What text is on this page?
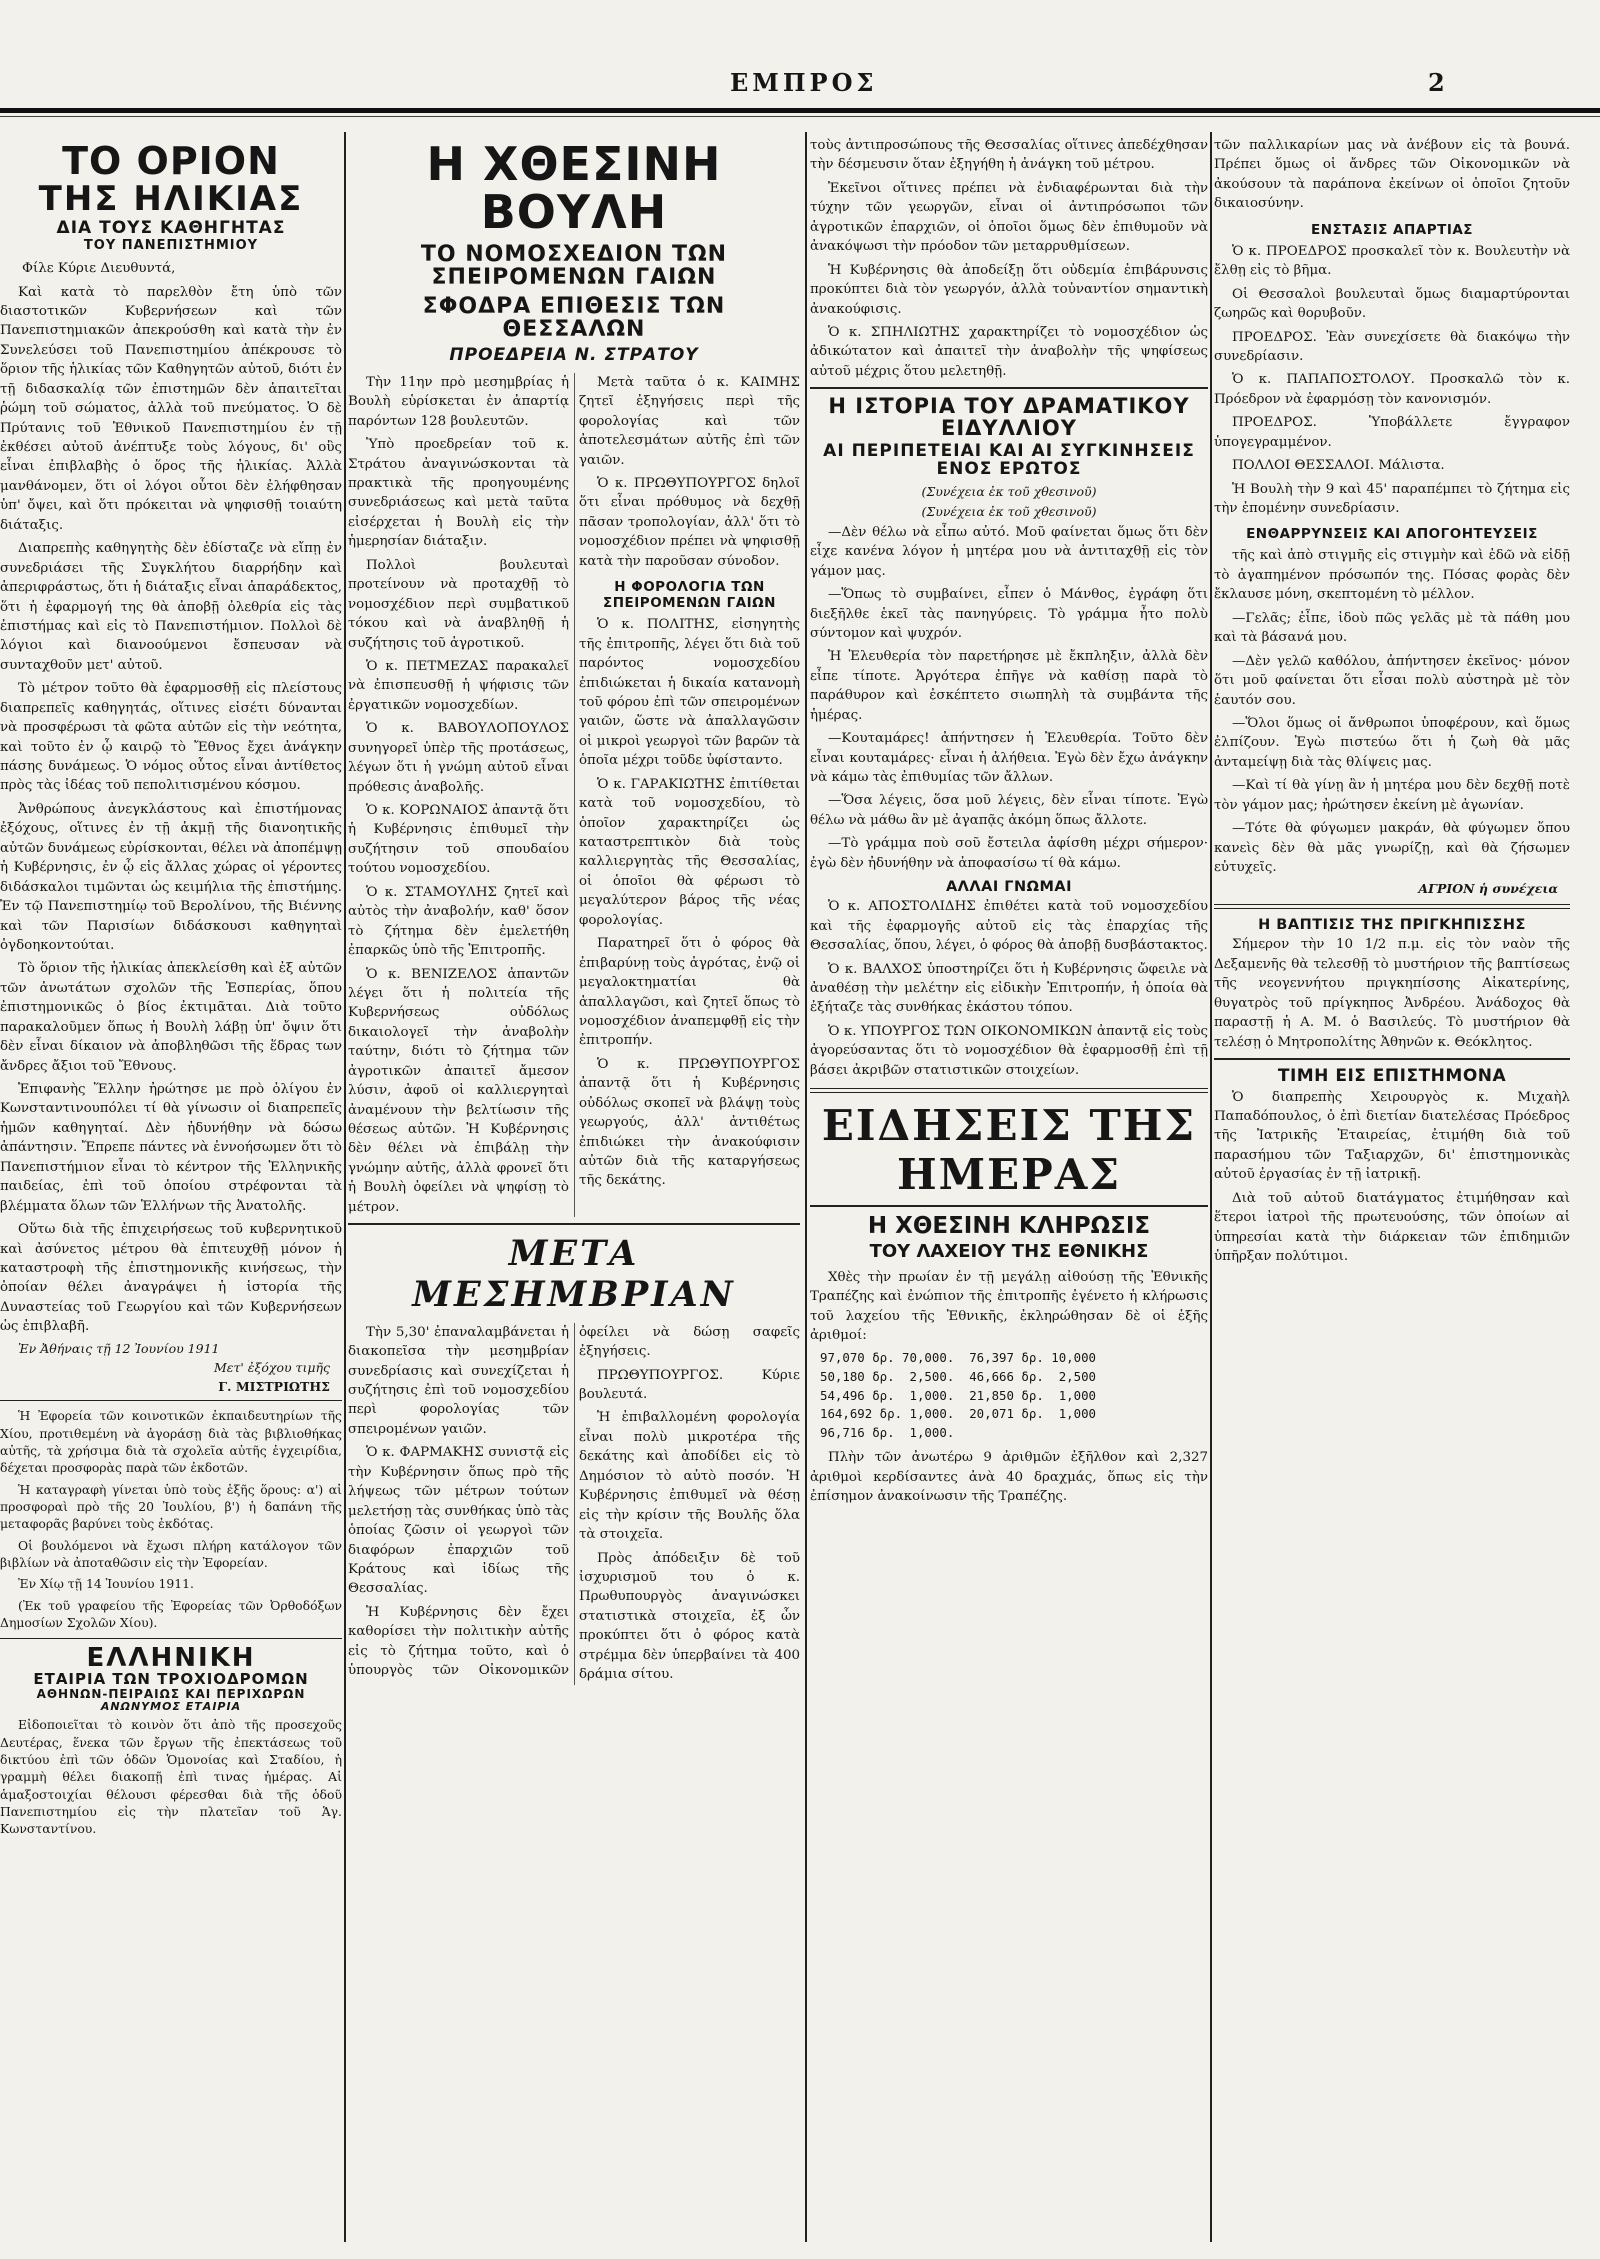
ΕΜΠΡΟΣ	2
ΤΟ ΟΡΙΟΝ
ΤΗΣ ΗΛΙΚΙΑΣ
ΔΙΑ ΤΟΥΣ ΚΑΘΗΓΗΤΑΣ
ΤΟΥ ΠΑΝΕΠΙΣΤΗΜΙΟΥ

Φίλε Κύριε Διευθυντά,

Καὶ κατὰ τὸ παρελθὸν ἔτη ὑπὸ τῶν διαστοτικῶν Κυβερνήσεων καὶ τῶν Πανεπιστημιακῶν ἀπεκρούσθη καὶ κατὰ τὴν ἐν Συνελεύσει τοῦ Πανεπιστημίου ἀπέκρουσε τὸ ὅριον τῆς ἡλικίας τῶν Καθηγητῶν αὐτοῦ, διότι ἐν τῇ διδασκαλίᾳ τῶν ἐπιστημῶν δὲν ἀπαιτεῖται ῥώμη τοῦ σώματος, ἀλλὰ τοῦ πνεύματος. Ὁ δὲ Πρύτανις τοῦ Ἐθνικοῦ Πανεπιστημίου ἐν τῇ ἐκθέσει αὐτοῦ ἀνέπτυξε τοὺς λόγους, δι' οὓς εἶναι ἐπιβλαβὴς ὁ ὅρος τῆς ἡλικίας. Ἀλλὰ μανθάνομεν, ὅτι οἱ λόγοι οὗτοι δὲν ἐλήφθησαν ὑπ' ὄψει, καὶ ὅτι πρόκειται νὰ ψηφισθῇ τοιαύτη διάταξις.

Διαπρεπὴς καθηγητὴς δὲν ἐδίσταζε νὰ εἴπῃ ἐν συνεδριάσει τῆς Συγκλήτου διαρρήδην καὶ ἀπεριφράστως, ὅτι ἡ διάταξις εἶναι ἀπαράδεκτος, ὅτι ἡ ἐφαρμογή της θὰ ἀποβῇ ὀλεθρία εἰς τὰς ἐπιστήμας καὶ εἰς τὸ Πανεπιστήμιον. Πολλοὶ δὲ λόγιοι καὶ διανοούμενοι ἔσπευσαν νὰ συνταχθοῦν μετ' αὐτοῦ.

Τὸ μέτρον τοῦτο θὰ ἐφαρμοσθῇ εἰς πλείστους διαπρεπεῖς καθηγητάς, οἵτινες εἰσέτι δύνανται νὰ προσφέρωσι τὰ φῶτα αὐτῶν εἰς τὴν νεότητα, καὶ τοῦτο ἐν ᾧ καιρῷ τὸ Ἔθνος ἔχει ἀνάγκην πάσης δυνάμεως. Ὁ νόμος οὗτος εἶναι ἀντίθετος πρὸς τὰς ἰδέας τοῦ πεπολιτισμένου κόσμου.

Ἀνθρώπους ἀνεγκλάστους καὶ ἐπιστήμονας ἐξόχους, οἵτινες ἐν τῇ ἀκμῇ τῆς διανοητικῆς αὐτῶν δυνάμεως εὑρίσκονται, θέλει νὰ ἀποπέμψῃ ἡ Κυβέρνησις, ἐν ᾧ εἰς ἄλλας χώρας οἱ γέροντες διδάσκαλοι τιμῶνται ὡς κειμήλια τῆς ἐπιστήμης. Ἐν τῷ Πανεπιστημίῳ τοῦ Βερολίνου, τῆς Βιέννης καὶ τῶν Παρισίων διδάσκουσι καθηγηταὶ ὀγδοηκοντούται.

Τὸ ὅριον τῆς ἡλικίας ἀπεκλείσθη καὶ ἐξ αὐτῶν τῶν ἀνωτάτων σχολῶν τῆς Ἑσπερίας, ὅπου ἐπιστημονικῶς ὁ βίος ἐκτιμᾶται. Διὰ τοῦτο παρακαλοῦμεν ὅπως ἡ Βουλὴ λάβῃ ὑπ' ὄψιν ὅτι δὲν εἶναι δίκαιον νὰ ἀποβληθῶσι τῆς ἕδρας των ἄνδρες ἄξιοι τοῦ Ἔθνους.

Ἐπιφανὴς Ἕλλην ἠρώτησε με πρὸ ὀλίγου ἐν Κωνσταντινουπόλει τί θὰ γίνωσιν οἱ διαπρεπεῖς ἡμῶν καθηγηταί. Δὲν ἠδυνήθην νὰ δώσω ἀπάντησιν. Ἔπρεπε πάντες νὰ ἐννοήσωμεν ὅτι τὸ Πανεπιστήμιον εἶναι τὸ κέντρον τῆς Ἑλληνικῆς παιδείας, ἐπὶ τοῦ ὁποίου στρέφονται τὰ βλέμματα ὅλων τῶν Ἑλλήνων τῆς Ἀνατολῆς.

Οὕτω διὰ τῆς ἐπιχειρήσεως τοῦ κυβερνητικοῦ καὶ ἀσύνετος μέτρου θὰ ἐπιτευχθῇ μόνον ἡ καταστροφὴ τῆς ἐπιστημονικῆς κινήσεως, τὴν ὁποίαν θέλει ἀναγράψει ἡ ἱστορία τῆς Δυναστείας τοῦ Γεωργίου καὶ τῶν Κυβερνήσεων ὡς ἐπιβλαβῆ.

Ἐν Ἀθήναις τῇ 12 Ἰουνίου 1911
Μετ' ἐξόχου τιμῆς
Γ. ΜΙΣΤΡΙΩΤΗΣ

Ἡ Ἐφορεία τῶν κοινοτικῶν ἐκπαιδευτηρίων τῆς Χίου, προτιθεμένη νὰ ἀγοράσῃ διὰ τὰς βιβλιοθήκας αὐτῆς, τὰ χρήσιμα διὰ τὰ σχολεῖα αὐτῆς ἐγχειρίδια, δέχεται προσφορὰς παρὰ τῶν ἐκδοτῶν.

Ἡ καταγραφὴ γίνεται ὑπὸ τοὺς ἑξῆς ὅρους: α') αἱ προσφοραὶ πρὸ τῆς 20 Ἰουλίου, β') ἡ δαπάνη τῆς μεταφορᾶς βαρύνει τοὺς ἐκδότας.

Οἱ βουλόμενοι νὰ ἔχωσι πλήρη κατάλογον τῶν βιβλίων νὰ ἀποταθῶσιν εἰς τὴν Ἐφορείαν.

Ἐν Χίῳ τῇ 14 Ἰουνίου 1911.

(Ἐκ τοῦ γραφείου τῆς Ἐφορείας τῶν Ὀρθοδόξων Δημοσίων Σχολῶν Χίου).

ΕΛΛΗΝΙΚΗ
ΕΤΑΙΡΙΑ ΤΩΝ ΤΡΟΧΙΟΔΡΟΜΩΝ
ΑΘΗΝΩΝ-ΠΕΙΡΑΙΩΣ ΚΑΙ ΠΕΡΙΧΩΡΩΝ
ΑΝΩΝΥΜΟΣ ΕΤΑΙΡΙΑ

Εἰδοποιεῖται τὸ κοινὸν ὅτι ἀπὸ τῆς προσεχοῦς Δευτέρας, ἕνεκα τῶν ἔργων τῆς ἐπεκτάσεως τοῦ δικτύου ἐπὶ τῶν ὁδῶν Ὁμονοίας καὶ Σταδίου, ἡ γραμμὴ θέλει διακοπῇ ἐπὶ τινας ἡμέρας. Αἱ ἁμαξοστοιχίαι θέλουσι φέρεσθαι διὰ τῆς ὁδοῦ Πανεπιστημίου εἰς τὴν πλατεῖαν τοῦ Ἁγ. Κωνσταντίνου.

Η ΧΘΕΣΙΝΗ ΒΟΥΛΗ
ΤΟ ΝΟΜΟΣΧΕΔΙΟΝ ΤΩΝ ΣΠΕΙΡΟΜΕΝΩΝ ΓΑΙΩΝ
ΣΦΟΔΡΑ ΕΠΙΘΕΣΙΣ ΤΩΝ ΘΕΣΣΑΛΩΝ
ΠΡΟΕΔΡΕΙΑ Ν. ΣΤΡΑΤΟΥ

Τὴν 11ην πρὸ μεσημβρίας ἡ Βουλὴ εὑρίσκεται ἐν ἀπαρτίᾳ παρόντων 128 βουλευτῶν.

Ὑπὸ προεδρείαν τοῦ κ. Στράτου ἀναγινώσκονται τὰ πρακτικὰ τῆς προηγουμένης συνεδριάσεως καὶ μετὰ ταῦτα εἰσέρχεται ἡ Βουλὴ εἰς τὴν ἡμερησίαν διάταξιν.

Πολλοὶ βουλευταὶ προτείνουν νὰ προταχθῇ τὸ νομοσχέδιον περὶ συμβατικοῦ τόκου καὶ νὰ ἀναβληθῇ ἡ συζήτησις τοῦ ἀγροτικοῦ.

Ὁ κ. ΠΕΤΜΕΖΑΣ παρακαλεῖ νὰ ἐπισπευσθῇ ἡ ψήφισις τῶν ἐργατικῶν νομοσχεδίων.

Ὁ κ. ΒΑΒΟΥΛΟΠΟΥΛΟΣ συνηγορεῖ ὑπὲρ τῆς προτάσεως, λέγων ὅτι ἡ γνώμη αὐτοῦ εἶναι πρόθεσις ἀναβολῆς.

Ὁ κ. ΚΟΡΩΝΑΙΟΣ ἀπαντᾷ ὅτι ἡ Κυβέρνησις ἐπιθυμεῖ τὴν συζήτησιν τοῦ σπουδαίου τούτου νομοσχεδίου.

Ὁ κ. ΣΤΑΜΟΥΛΗΣ ζητεῖ καὶ αὐτὸς τὴν ἀναβολήν, καθ' ὅσον τὸ ζήτημα δὲν ἐμελετήθη ἐπαρκῶς ὑπὸ τῆς Ἐπιτροπῆς.

Ὁ κ. ΒΕΝΙΖΕΛΟΣ ἀπαντῶν λέγει ὅτι ἡ πολιτεία τῆς Κυβερνήσεως οὐδόλως δικαιολογεῖ τὴν ἀναβολὴν ταύτην, διότι τὸ ζήτημα τῶν ἀγροτικῶν ἀπαιτεῖ ἄμεσον λύσιν, ἀφοῦ οἱ καλλιεργηταὶ ἀναμένουν τὴν βελτίωσιν τῆς θέσεως αὐτῶν. Ἡ Κυβέρνησις δὲν θέλει νὰ ἐπιβάλῃ τὴν γνώμην αὐτῆς, ἀλλὰ φρονεῖ ὅτι ἡ Βουλὴ ὀφείλει νὰ ψηφίσῃ τὸ μέτρον.

Μετὰ ταῦτα ὁ κ. ΚΑΙΜΗΣ ζητεῖ ἐξηγήσεις περὶ τῆς φορολογίας καὶ τῶν ἀποτελεσμάτων αὐτῆς ἐπὶ τῶν γαιῶν.

Ὁ κ. ΠΡΩΘΥΠΟΥΡΓΟΣ δηλοῖ ὅτι εἶναι πρόθυμος νὰ δεχθῇ πᾶσαν τροπολογίαν, ἀλλ' ὅτι τὸ νομοσχέδιον πρέπει νὰ ψηφισθῇ κατὰ τὴν παροῦσαν σύνοδον.

Η ΦΟΡΟΛΟΓΙΑ ΤΩΝ ΣΠΕΙΡΟΜΕΝΩΝ ΓΑΙΩΝ

Ὁ κ. ΠΟΛΙΤΗΣ, εἰσηγητὴς τῆς ἐπιτροπῆς, λέγει ὅτι διὰ τοῦ παρόντος νομοσχεδίου ἐπιδιώκεται ἡ δικαία κατανομὴ τοῦ φόρου ἐπὶ τῶν σπειρομένων γαιῶν, ὥστε νὰ ἀπαλλαγῶσιν οἱ μικροὶ γεωργοὶ τῶν βαρῶν τὰ ὁποῖα μέχρι τοῦδε ὑφίσταντο.

Ὁ κ. ΓΑΡΑΚΙΩΤΗΣ ἐπιτίθεται κατὰ τοῦ νομοσχεδίου, τὸ ὁποῖον χαρακτηρίζει ὡς καταστρεπτικὸν διὰ τοὺς καλλιεργητὰς τῆς Θεσσαλίας, οἱ ὁποῖοι θὰ φέρωσι τὸ μεγαλύτερον βάρος τῆς νέας φορολογίας.

Παρατηρεῖ ὅτι ὁ φόρος θὰ ἐπιβαρύνῃ τοὺς ἀγρότας, ἐνῷ οἱ μεγαλοκτηματίαι θὰ ἀπαλλαγῶσι, καὶ ζητεῖ ὅπως τὸ νομοσχέδιον ἀναπεμφθῇ εἰς τὴν ἐπιτροπήν.

Ὁ κ. ΠΡΩΘΥΠΟΥΡΓΟΣ ἀπαντᾷ ὅτι ἡ Κυβέρνησις οὐδόλως σκοπεῖ νὰ βλάψῃ τοὺς γεωργούς, ἀλλ' ἀντιθέτως ἐπιδιώκει τὴν ἀνακούφισιν αὐτῶν διὰ τῆς καταργήσεως τῆς δεκάτης.

ΜΕΤΑ ΜΕΣΗΜΒΡΙΑΝ

Τὴν 5,30' ἐπαναλαμβάνεται ἡ διακοπεῖσα τὴν μεσημβρίαν συνεδρίασις καὶ συνεχίζεται ἡ συζήτησις ἐπὶ τοῦ νομοσχεδίου περὶ φορολογίας τῶν σπειρομένων γαιῶν.

Ὁ κ. ΦΑΡΜΑΚΗΣ συνιστᾷ εἰς τὴν Κυβέρνησιν ὅπως πρὸ τῆς λήψεως τῶν μέτρων τούτων μελετήσῃ τὰς συνθήκας ὑπὸ τὰς ὁποίας ζῶσιν οἱ γεωργοὶ τῶν διαφόρων ἐπαρχιῶν τοῦ Κράτους καὶ ἰδίως τῆς Θεσσαλίας.

Ἡ Κυβέρνησις δὲν ἔχει καθορίσει τὴν πολιτικὴν αὐτῆς εἰς τὸ ζήτημα τοῦτο, καὶ ὁ ὑπουργὸς τῶν Οἰκονομικῶν ὀφείλει νὰ δώσῃ σαφεῖς ἐξηγήσεις.

ΠΡΩΘΥΠΟΥΡΓΟΣ. Κύριε βουλευτά.

Ἡ ἐπιβαλλομένη φορολογία εἶναι πολὺ μικροτέρα τῆς δεκάτης καὶ ἀποδίδει εἰς τὸ Δημόσιον τὸ αὐτὸ ποσόν. Ἡ Κυβέρνησις ἐπιθυμεῖ νὰ θέσῃ εἰς τὴν κρίσιν τῆς Βουλῆς ὅλα τὰ στοιχεῖα.

Πρὸς ἀπόδειξιν δὲ τοῦ ἰσχυρισμοῦ του ὁ κ. Πρωθυπουργὸς ἀναγινώσκει στατιστικὰ στοιχεῖα, ἐξ ὧν προκύπτει ὅτι ὁ φόρος κατὰ στρέμμα δὲν ὑπερβαίνει τὰ 400 δράμια σίτου.

τοὺς ἀντιπροσώπους τῆς Θεσσαλίας οἵτινες ἀπεδέχθησαν τὴν δέσμευσιν ὅταν ἐξηγήθη ἡ ἀνάγκη τοῦ μέτρου.

Ἐκεῖνοι οἵτινες πρέπει νὰ ἐνδιαφέρωνται διὰ τὴν τύχην τῶν γεωργῶν, εἶναι οἱ ἀντιπρόσωποι τῶν ἀγροτικῶν ἐπαρχιῶν, οἱ ὁποῖοι ὅμως δὲν ἐπιθυμοῦν νὰ ἀνακόψωσι τὴν πρόοδον τῶν μεταρρυθμίσεων.

Ἡ Κυβέρνησις θὰ ἀποδείξῃ ὅτι οὐδεμία ἐπιβάρυνσις προκύπτει διὰ τὸν γεωργόν, ἀλλὰ τοὐναντίον σημαντικὴ ἀνακούφισις.

Ὁ κ. ΣΠΗΛΙΩΤΗΣ χαρακτηρίζει τὸ νομοσχέδιον ὡς ἀδικώτατον καὶ ἀπαιτεῖ τὴν ἀναβολὴν τῆς ψηφίσεως αὐτοῦ μέχρις ὅτου μελετηθῇ.

Η ΙΣΤΟΡΙΑ ΤΟΥ ΔΡΑΜΑΤΙΚΟΥ ΕΙΔΥΛΛΙΟΥ
ΑΙ ΠΕΡΙΠΕΤΕΙΑΙ ΚΑΙ ΑΙ ΣΥΓΚΙΝΗΣΕΙΣ ΕΝΟΣ ΕΡΩΤΟΣ

(Συνέχεια ἐκ τοῦ χθεσινοῦ)

(Συνέχεια ἐκ τοῦ χθεσινοῦ)

—Δὲν θέλω νὰ εἶπω αὐτό. Μοῦ φαίνεται ὅμως ὅτι δὲν εἶχε κανένα λόγον ἡ μητέρα μου νὰ ἀντιταχθῇ εἰς τὸν γάμον μας.

—Ὅπως τὸ συμβαίνει, εἶπεν ὁ Μάνθος, ἐγράφη ὅτι διεξῆλθε ἑκεῖ τὰς πανηγύρεις. Τὸ γράμμα ἦτο πολὺ σύντομον καὶ ψυχρόν.

Ἡ Ἐλευθερία τὸν παρετήρησε μὲ ἔκπληξιν, ἀλλὰ δὲν εἶπε τίποτε. Ἀργότερα ἐπῆγε νὰ καθίσῃ παρὰ τὸ παράθυρον καὶ ἐσκέπτετο σιωπηλὴ τὰ συμβάντα τῆς ἡμέρας.

—Κουταμάρες! ἀπήντησεν ἡ Ἐλευθερία. Τοῦτο δὲν εἶναι κουταμάρες· εἶναι ἡ ἀλήθεια. Ἐγὼ δὲν ἔχω ἀνάγκην νὰ κάμω τὰς ἐπιθυμίας τῶν ἄλλων.

—Ὅσα λέγεις, ὅσα μοῦ λέγεις, δὲν εἶναι τίποτε. Ἐγὼ θέλω νὰ μάθω ἂν μὲ ἀγαπᾷς ἀκόμη ὅπως ἄλλοτε.

—Τὸ γράμμα ποὺ σοῦ ἔστειλα ἀφίσθη μέχρι σήμερον· ἐγὼ δὲν ἠδυνήθην νὰ ἀποφασίσω τί θὰ κάμω.

ΑΛΛΑΙ ΓΝΩΜΑΙ

Ὁ κ. ΑΠΟΣΤΟΛΙΔΗΣ ἐπιθέτει κατὰ τοῦ νομοσχεδίου καὶ τῆς ἐφαρμογῆς αὐτοῦ εἰς τὰς ἐπαρχίας τῆς Θεσσαλίας, ὅπου, λέγει, ὁ φόρος θὰ ἀποβῇ δυσβάστακτος.

Ὁ κ. ΒΑΛΧΟΣ ὑποστηρίζει ὅτι ἡ Κυβέρνησις ὤφειλε νὰ ἀναθέσῃ τὴν μελέτην εἰς εἰδικὴν Ἐπιτροπήν, ἡ ὁποία θὰ ἐξήταζε τὰς συνθήκας ἑκάστου τόπου.

Ὁ κ. ΥΠΟΥΡΓΟΣ ΤΩΝ ΟΙΚΟΝΟΜΙΚΩΝ ἀπαντᾷ εἰς τοὺς ἀγορεύσαντας ὅτι τὸ νομοσχέδιον θὰ ἐφαρμοσθῇ ἐπὶ τῇ βάσει ἀκριβῶν στατιστικῶν στοιχείων.

ΕΙΔΗΣΕΙΣ ΤΗΣ ΗΜΕΡΑΣ
Η ΧΘΕΣΙΝΗ ΚΛΗΡΩΣΙΣ
ΤΟΥ ΛΑΧΕΙΟΥ ΤΗΣ ΕΘΝΙΚΗΣ

Χθὲς τὴν πρωίαν ἐν τῇ μεγάλῃ αἰθούσῃ τῆς Ἐθνικῆς Τραπέζης καὶ ἐνώπιον τῆς ἐπιτροπῆς ἐγένετο ἡ κλήρωσις τοῦ λαχείου τῆς Ἐθνικῆς, ἐκληρώθησαν δὲ οἱ ἑξῆς ἀριθμοί:

97,070 δρ. 70,000.  76,397 δρ. 10,000
50,180 δρ.  2,500.  46,666 δρ.  2,500
54,496 δρ.  1,000.  21,850 δρ.  1,000
164,692 δρ. 1,000.  20,071 δρ.  1,000
96,716 δρ.  1,000.

Πλὴν τῶν ἀνωτέρω 9 ἀριθμῶν ἐξῆλθον καὶ 2,327 ἀριθμοὶ κερδίσαντες ἀνὰ 40 δραχμάς, ὅπως εἰς τὴν ἐπίσημον ἀνακοίνωσιν τῆς Τραπέζης.

τῶν παλλικαρίων μας νὰ ἀνέβουν εἰς τὰ βουνά. Πρέπει ὅμως οἱ ἄνδρες τῶν Οἰκονομικῶν νὰ ἀκούσουν τὰ παράπονα ἐκείνων οἱ ὁποῖοι ζητοῦν δικαιοσύνην.

ΕΝΣΤΑΣΙΣ ΑΠΑΡΤΙΑΣ

Ὁ κ. ΠΡΟΕΔΡΟΣ προσκαλεῖ τὸν κ. Βουλευτὴν νὰ ἔλθῃ εἰς τὸ βῆμα.

Οἱ Θεσσαλοὶ βουλευταὶ ὅμως διαμαρτύρονται ζωηρῶς καὶ θορυβοῦν.

ΠΡΟΕΔΡΟΣ. Ἐὰν συνεχίσετε θὰ διακόψω τὴν συνεδρίασιν.

Ὁ κ. ΠΑΠΑΠΟΣΤΟΛΟΥ. Προσκαλῶ τὸν κ. Πρόεδρον νὰ ἐφαρμόσῃ τὸν κανονισμόν.

ΠΡΟΕΔΡΟΣ. Ὑποβάλλετε ἔγγραφον ὑπογεγραμμένον.

ΠΟΛΛΟΙ ΘΕΣΣΑΛΟΙ. Μάλιστα.

Ἡ Βουλὴ τὴν 9 καὶ 45' παραπέμπει τὸ ζήτημα εἰς τὴν ἐπομένην συνεδρίασιν.

ΕΝΘΑΡΡΥΝΣΕΙΣ ΚΑΙ ΑΠΟΓΟΗΤΕΥΣΕΙΣ

τῆς καὶ ἀπὸ στιγμῆς εἰς στιγμὴν καὶ ἐδῶ νὰ εἰδῇ τὸ ἀγαπημένον πρόσωπόν της. Πόσας φορὰς δὲν ἔκλαυσε μόνη, σκεπτομένη τὸ μέλλον.

—Γελᾶς; ἐἶπε, ἰδοὺ πῶς γελᾶς μὲ τὰ πάθη μου καὶ τὰ βάσανά μου.

—Δὲν γελῶ καθόλου, ἀπήντησεν ἐκεῖνος· μόνον ὅτι μοῦ φαίνεται ὅτι εἶσαι πολὺ αὐστηρὰ μὲ τὸν ἑαυτόν σου.

—Ὅλοι ὅμως οἱ ἄνθρωποι ὑποφέρουν, καὶ ὅμως ἐλπίζουν. Ἐγὼ πιστεύω ὅτι ἡ ζωὴ θὰ μᾶς ἀνταμείψῃ διὰ τὰς θλίψεις μας.

—Καὶ τί θὰ γίνῃ ἂν ἡ μητέρα μου δὲν δεχθῇ ποτὲ τὸν γάμον μας; ἠρώτησεν ἐκείνη μὲ ἀγωνίαν.

—Τότε θὰ φύγωμεν μακράν, θὰ φύγωμεν ὅπου κανεὶς δὲν θὰ μᾶς γνωρίζῃ, καὶ θὰ ζήσωμεν εὐτυχεῖς.

ΑΓΡΙΟΝ ἡ συνέχεια
Η ΒΑΠΤΙΣΙΣ ΤΗΣ ΠΡΙΓΚΗΠΙΣΣΗΣ

Σήμερον τὴν 10 1/2 π.μ. εἰς τὸν ναὸν τῆς Δεξαμενῆς θὰ τελεσθῇ τὸ μυστήριον τῆς βαπτίσεως τῆς νεογεννήτου πριγκηπίσσης Αἰκατερίνης, θυγατρὸς τοῦ πρίγκηπος Ἀνδρέου. Ἀνάδοχος θὰ παραστῇ ἡ Α. Μ. ὁ Βασιλεύς. Τὸ μυστήριον θὰ τελέσῃ ὁ Μητροπολίτης Ἀθηνῶν κ. Θεόκλητος.

ΤΙΜΗ ΕΙΣ ΕΠΙΣΤΗΜΟΝΑ

Ὁ διαπρεπὴς Χειρουργὸς κ. Μιχαὴλ Παπαδόπουλος, ὁ ἐπὶ διετίαν διατελέσας Πρόεδρος τῆς Ἰατρικῆς Ἑταιρείας, ἐτιμήθη διὰ τοῦ παρασήμου τῶν Ταξιαρχῶν, δι' ἐπιστημονικὰς αὐτοῦ ἐργασίας ἐν τῇ ἰατρικῇ.

Διὰ τοῦ αὐτοῦ διατάγματος ἐτιμήθησαν καὶ ἕτεροι ἰατροὶ τῆς πρωτευούσης, τῶν ὁποίων αἱ ὑπηρεσίαι κατὰ τὴν διάρκειαν τῶν ἐπιδημιῶν ὑπῆρξαν πολύτιμοι.
